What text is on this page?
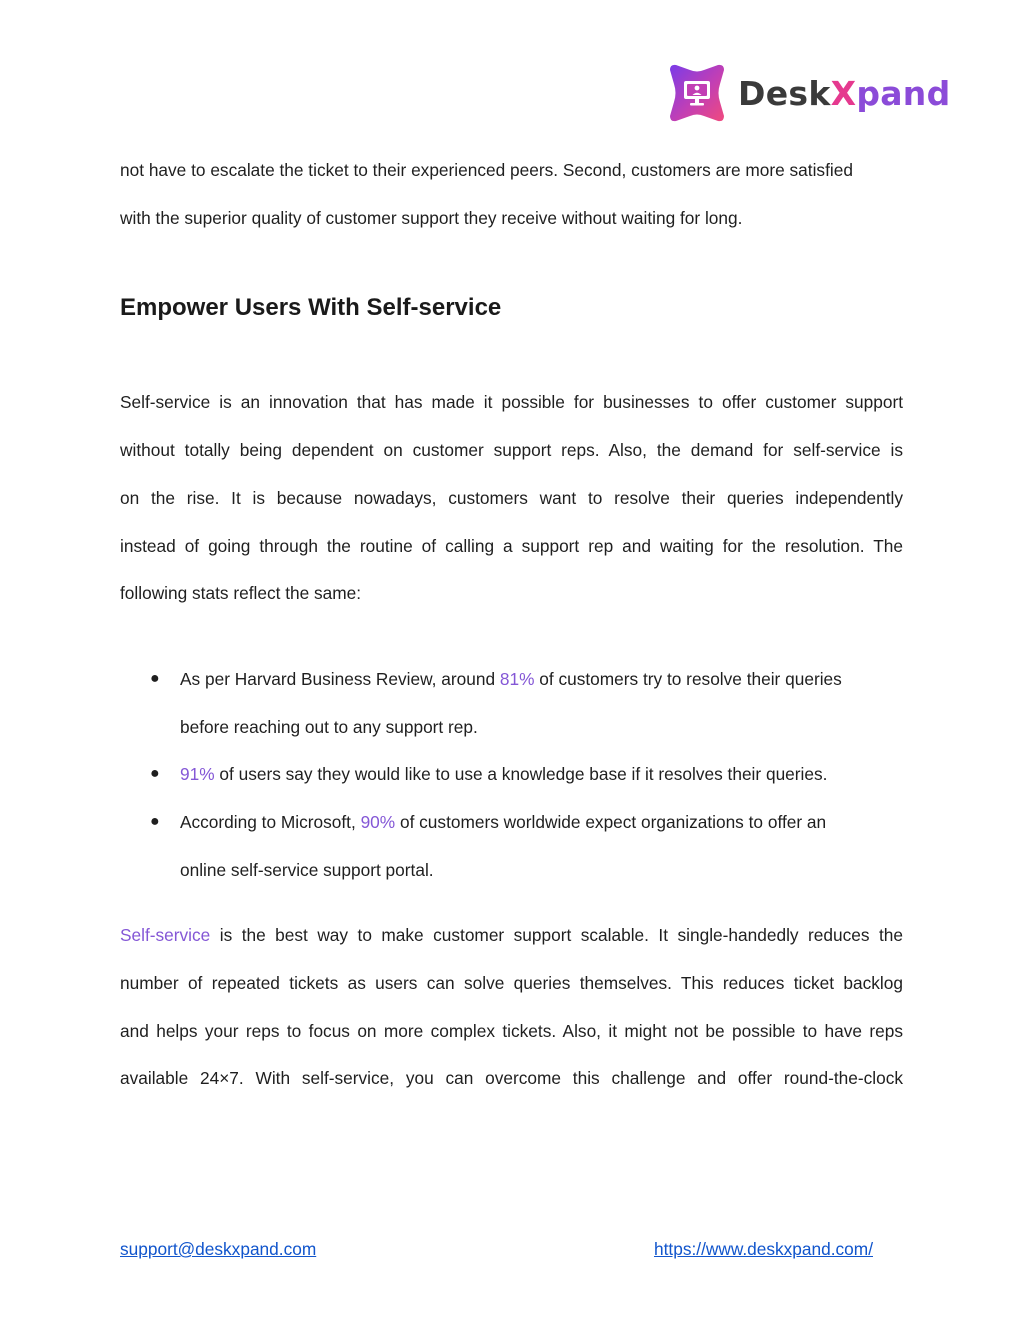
DeskXpand
not have to escalate the ticket to their experienced peers. Second, customers are more satisfied
with the superior quality of customer support they receive without waiting for long.
Empower Users With Self-service
Self-service is an innovation that has made it possible for businesses to offer customer support
without totally being dependent on customer support reps. Also, the demand for self-service is
on the rise. It is because nowadays, customers want to resolve their queries independently
instead of going through the routine of calling a support rep and waiting for the resolution. The
following stats reflect the same:
● As per Harvard Business Review, around 81% of customers try to resolve their queries
before reaching out to any support rep.
● 91% of users say they would like to use a knowledge base if it resolves their queries.
● According to Microsoft, 90% of customers worldwide expect organizations to offer an
online self-service support portal.
Self-service is the best way to make customer support scalable. It single-handedly reduces the
number of repeated tickets as users can solve queries themselves. This reduces ticket backlog
and helps your reps to focus on more complex tickets. Also, it might not be possible to have reps
available 24×7. With self-service, you can overcome this challenge and offer round-the-clock
support@deskxpand.com	https://www.deskxpand.com/
